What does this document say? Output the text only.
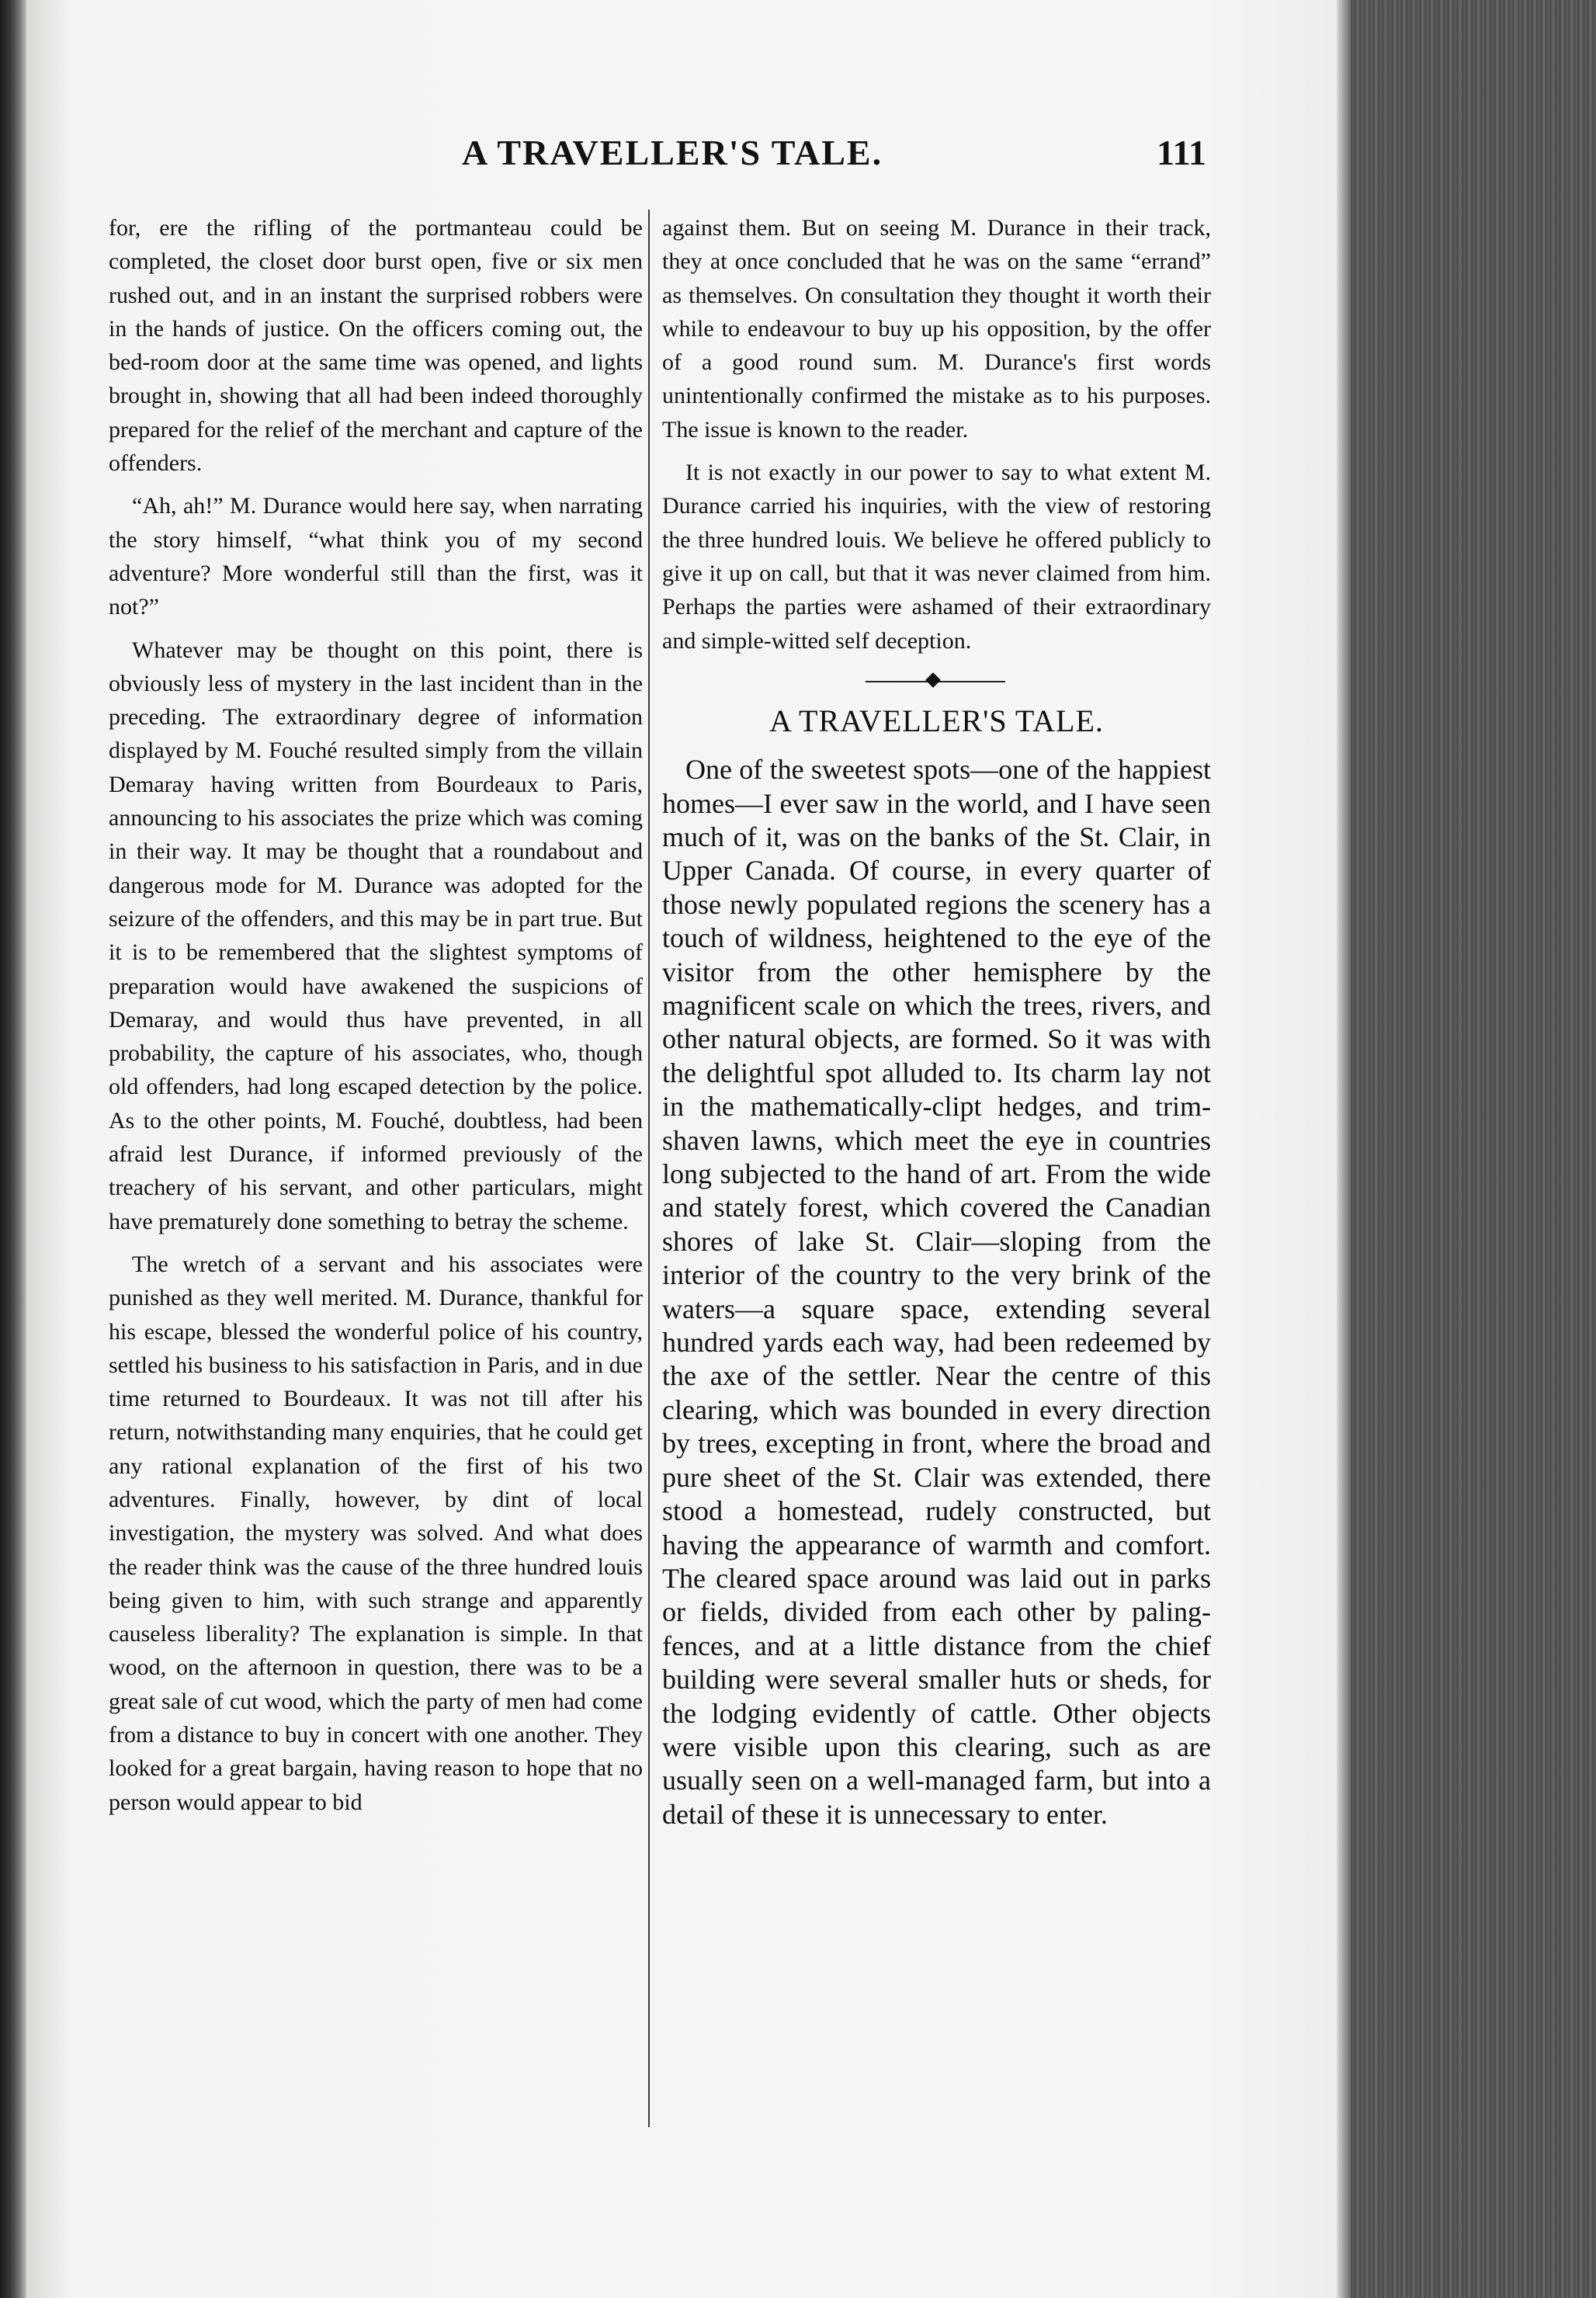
A TRAVELLER'S TALE.	111

for, ere the rifling of the portmanteau could be completed, the closet door burst open, five or six men rushed out, and in an instant the surprised robbers were in the hands of justice. On the officers coming out, the bed-room door at the same time was opened, and lights brought in, showing that all had been indeed thoroughly prepared for the relief of the merchant and capture of the offenders.

“Ah, ah!” M. Durance would here say, when narrating the story himself, “what think you of my second adventure? More wonderful still than the first, was it not?”

Whatever may be thought on this point, there is obviously less of mystery in the last incident than in the preceding. The extraordinary degree of information displayed by M. Fouché resulted simply from the villain Demaray having written from Bourdeaux to Paris, announcing to his associates the prize which was coming in their way. It may be thought that a roundabout and dangerous mode for M. Durance was adopted for the seizure of the offenders, and this may be in part true. But it is to be remembered that the slightest symptoms of preparation would have awakened the suspicions of Demaray, and would thus have prevented, in all probability, the capture of his associates, who, though old offenders, had long escaped detection by the police. As to the other points, M. Fouché, doubtless, had been afraid lest Durance, if informed previously of the treachery of his servant, and other particulars, might have prematurely done something to betray the scheme.

The wretch of a servant and his associates were punished as they well merited. M. Durance, thankful for his escape, blessed the wonderful police of his country, settled his business to his satisfaction in Paris, and in due time returned to Bourdeaux. It was not till after his return, notwithstanding many enquiries, that he could get any rational explanation of the first of his two adventures. Finally, however, by dint of local investigation, the mystery was solved. And what does the reader think was the cause of the three hundred louis being given to him, with such strange and apparently causeless liberality? The explanation is simple. In that wood, on the afternoon in question, there was to be a great sale of cut wood, which the party of men had come from a distance to buy in concert with one another. They looked for a great bargain, having reason to hope that no person would appear to bid

against them. But on seeing M. Durance in their track, they at once concluded that he was on the same “errand” as themselves. On consultation they thought it worth their while to endeavour to buy up his opposition, by the offer of a good round sum. M. Durance's first words unintentionally confirmed the mistake as to his purposes. The issue is known to the reader.

It is not exactly in our power to say to what extent M. Durance carried his inquiries, with the view of restoring the three hundred louis. We believe he offered publicly to give it up on call, but that it was never claimed from him. Perhaps the parties were ashamed of their extraordinary and simple-witted self deception.

A TRAVELLER'S TALE.

One of the sweetest spots—one of the happiest homes—I ever saw in the world, and I have seen much of it, was on the banks of the St. Clair, in Upper Canada. Of course, in every quarter of those newly populated regions the scenery has a touch of wildness, heightened to the eye of the visitor from the other hemisphere by the magnificent scale on which the trees, rivers, and other natural objects, are formed. So it was with the delightful spot alluded to. Its charm lay not in the mathematically-clipt hedges, and trim-shaven lawns, which meet the eye in countries long subjected to the hand of art. From the wide and stately forest, which covered the Canadian shores of lake St. Clair—sloping from the interior of the country to the very brink of the waters—a square space, extending several hundred yards each way, had been redeemed by the axe of the settler. Near the centre of this clearing, which was bounded in every direction by trees, excepting in front, where the broad and pure sheet of the St. Clair was extended, there stood a homestead, rudely constructed, but having the appearance of warmth and comfort. The cleared space around was laid out in parks or fields, divided from each other by paling-fences, and at a little distance from the chief building were several smaller huts or sheds, for the lodging evidently of cattle. Other objects were visible upon this clearing, such as are usually seen on a well-managed farm, but into a detail of these it is unnecessary to enter.
